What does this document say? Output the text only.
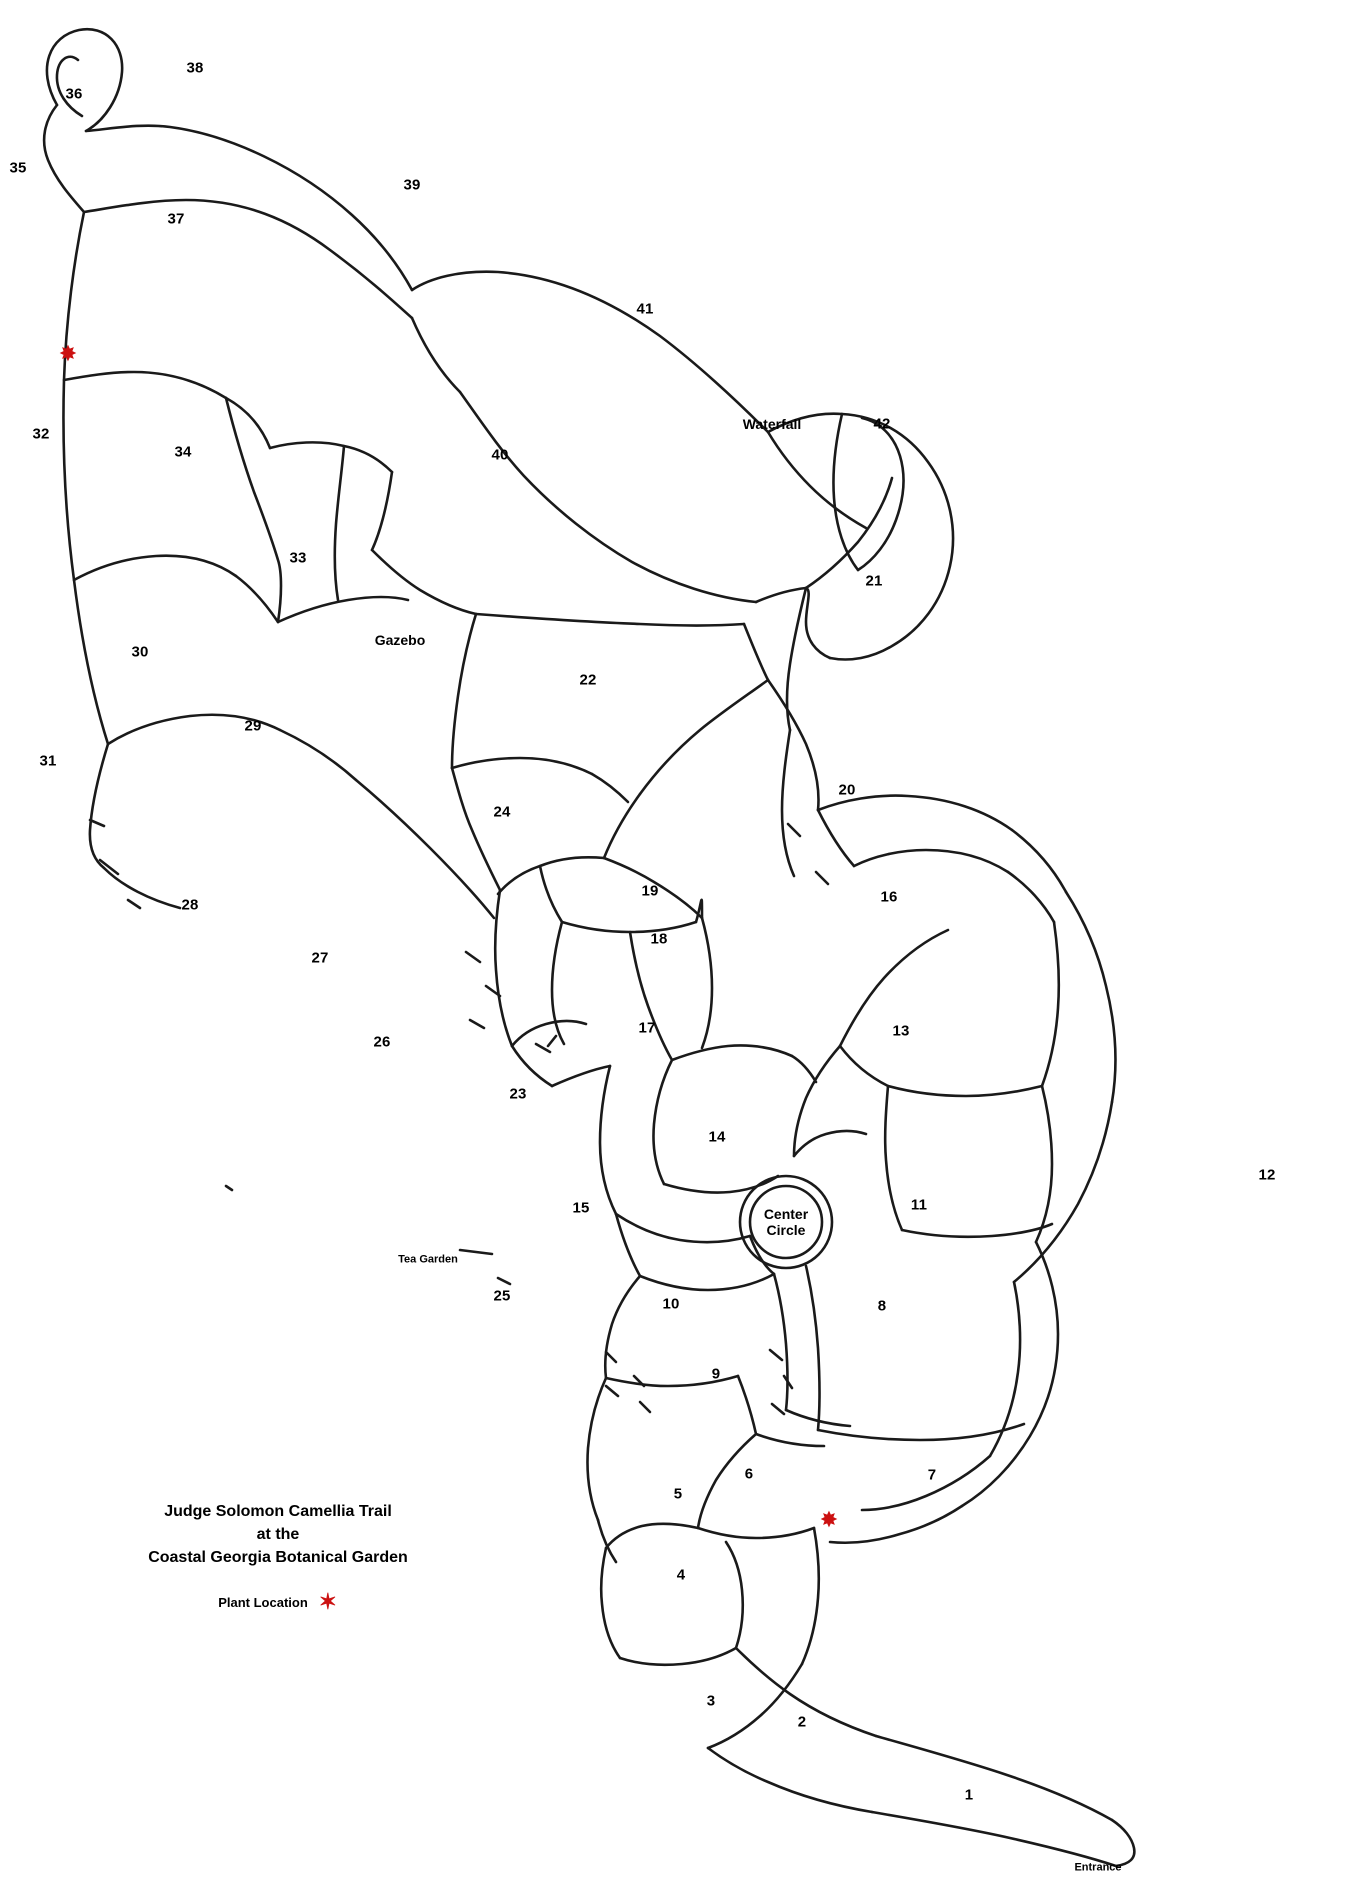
1
2
3
4
5
6	7
8
9
10
11
12
13
14
15
16
17
18
19
20
21
22
23
24
25
26
27
28
29
30
31
32
33
34
35
36
37
38
39
40
41
42
Waterfall
Gazebo
Center
Circle
Tea Garden
Entrance
✸
✸
Judge Solomon Camellia Trail
at the
Coastal Georgia Botanical Garden
Plant Location ✶
